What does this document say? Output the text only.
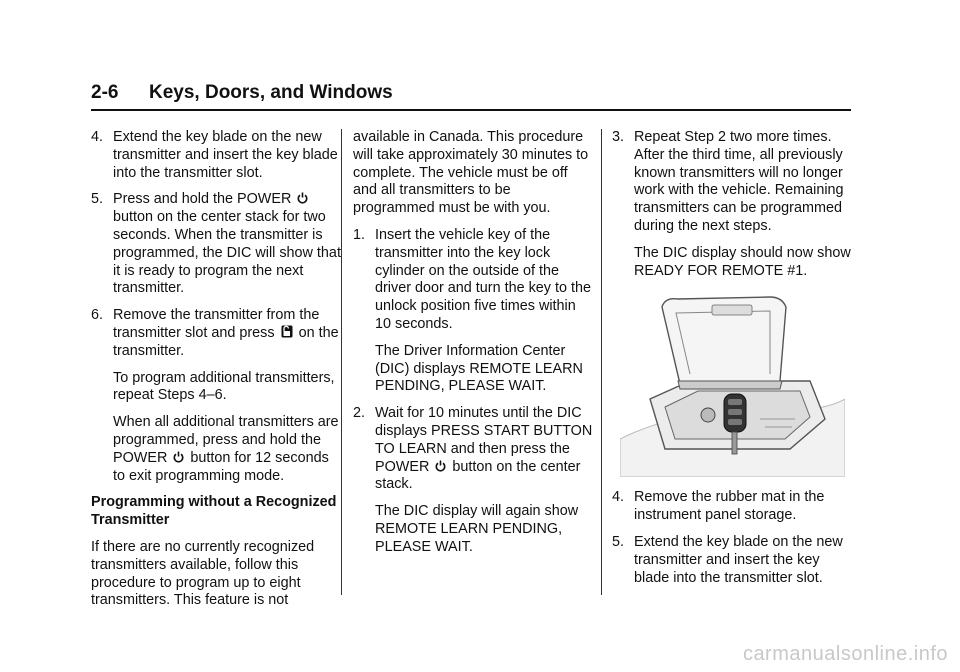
2-6 Keys, Doors, and Windows
4. Extend the key blade on the new transmitter and insert the key blade into the transmitter slot.
5. Press and hold the POWER  button on the center stack for two seconds. When the transmitter is programmed, the DIC will show that it is ready to program the next transmitter.
6. Remove the transmitter from the transmitter slot and press on the transmitter.
To program additional transmitters, repeat Steps 4–6.
When all additional transmitters are programmed, press and hold the POWER button for 12 seconds to exit programming mode.
Programming without a Recognized Transmitter
If there are no currently recognized transmitters available, follow this procedure to program up to eight transmitters. This feature is not
available in Canada. This procedure will take approximately 30 minutes to complete. The vehicle must be off and all transmitters to be programmed must be with you.
1. Insert the vehicle key of the transmitter into the key lock cylinder on the outside of the driver door and turn the key to the unlock position five times within 10 seconds.
The Driver Information Center (DIC) displays REMOTE LEARN PENDING, PLEASE WAIT.
2. Wait for 10 minutes until the DIC displays PRESS START BUTTON TO LEARN and then press the POWER button on the center stack.
The DIC display will again show REMOTE LEARN PENDING, PLEASE WAIT.
3. Repeat Step 2 two more times. After the third time, all previously known transmitters will no longer work with the vehicle. Remaining transmitters can be programmed during the next steps.
The DIC display should now show READY FOR REMOTE #1.
4. Remove the rubber mat in the instrument panel storage.
5. Extend the key blade on the new transmitter and insert the key blade into the transmitter slot.
carmanualsonline.info
